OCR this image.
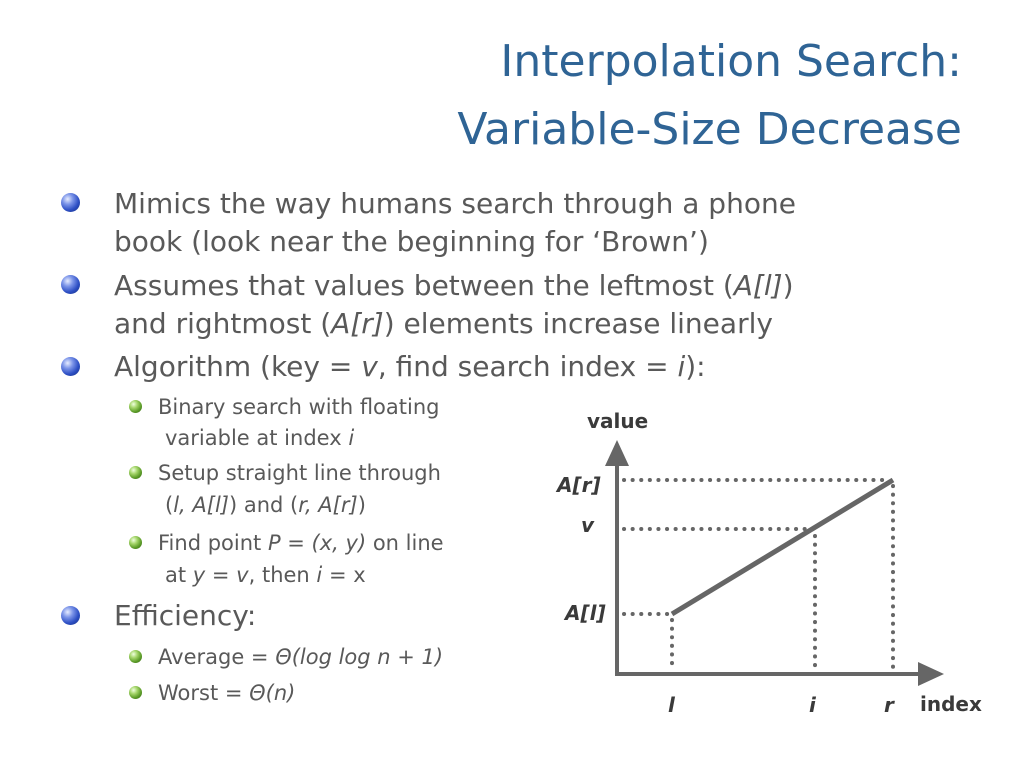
Interpolation Search:
Variable-Size Decrease
Mimics the way humans search through a phone
book (look near the beginning for ‘Brown’)
Assumes that values between the leftmost (A[l])
and rightmost (A[r]) elements increase linearly
Algorithm (key = v, find search index = i):
Binary search with floating
variable at index i
Setup straight line through
(l, A[l]) and (r, A[r])
Find point P = (x, y) on line
at y = v, then i = x
Efficiency:
Average = Θ(log log n + 1)
Worst = Θ(n)
value
index
A[r]
v
A[l]
l	i	r
